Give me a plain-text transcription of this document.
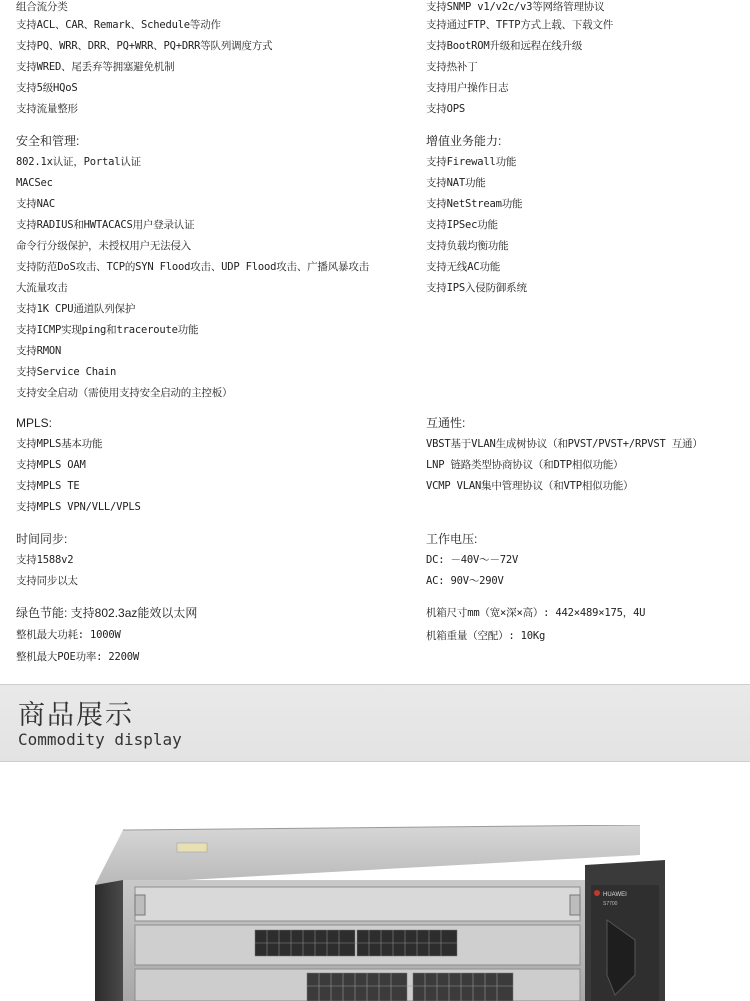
组合流分类
支持ACL、CAR、Remark、Schedule等动作
支持PQ、WRR、DRR、PQ+WRR、PQ+DRR等队列调度方式
支持WRED、尾丢弃等拥塞避免机制
支持5级HQoS
支持流量整形
安全和管理:
802.1x认证，Portal认证
MACSec
支持NAC
支持RADIUS和HWTACACS用户登录认证
命令行分级保护，未授权用户无法侵入
支持防范DoS攻击、TCP的SYN Flood攻击、UDP Flood攻击、广播风暴攻击
大流量攻击
支持1K CPU通道队列保护
支持ICMP实现ping和traceroute功能
支持RMON
支持Service Chain
支持安全启动（需使用支持安全启动的主控板）
MPLS:
支持MPLS基本功能
支持MPLS OAM
支持MPLS TE
支持MPLS VPN/VLL/VPLS
时间同步:
支持1588v2
支持同步以太
绿色节能: 支持802.3az能效以太网
整机最大功耗: 1000W
整机最大POE功率: 2200W
支持SNMP v1/v2c/v3等网络管理协议
支持通过FTP、TFTP方式上载、下载文件
支持BootROM升级和远程在线升级
支持热补丁
支持用户操作日志
支持OPS
增值业务能力:
支持Firewall功能
支持NAT功能
支持NetStream功能
支持IPSec功能
支持负载均衡功能
支持无线AC功能
支持IPS入侵防御系统
互通性:
VBST基于VLAN生成树协议（和PVST/PVST+/RPVST 互通）
LNP 链路类型协商协议（和DTP相似功能）
VCMP VLAN集中管理协议（和VTP相似功能）
工作电压:
DC: －40V～－72V
AC: 90V～290V
机箱尺寸mm（宽×深×高）: 442×489×175，4U
机箱重量（空配）: 10Kg
商品展示
Commodity display
HUAWEI
S7700
